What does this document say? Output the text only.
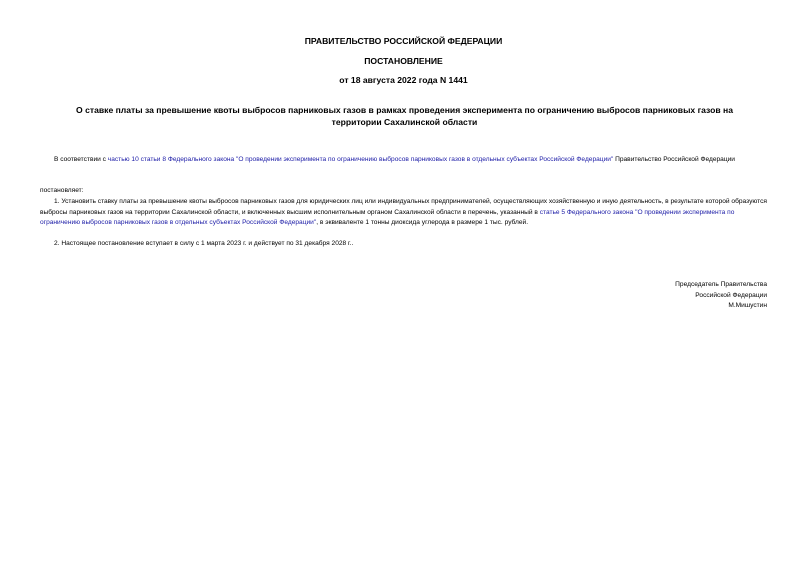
ПРАВИТЕЛЬСТВО РОССИЙСКОЙ ФЕДЕРАЦИИ
ПОСТАНОВЛЕНИЕ
от 18 августа 2022 года N 1441
О ставке платы за превышение квоты выбросов парниковых газов в рамках проведения эксперимента по ограничению выбросов парниковых газов на территории Сахалинской области
В соответствии с частью 10 статьи 8 Федерального закона "О проведении эксперимента по ограничению выбросов парниковых газов в отдельных субъектах Российской Федерации" Правительство Российской Федерации
постановляет:
1. Установить ставку платы за превышение квоты выбросов парниковых газов для юридических лиц или индивидуальных предпринимателей, осуществляющих хозяйственную и иную деятельность, в результате которой образуются выбросы парниковых газов на территории Сахалинской области, и включенных высшим исполнительным органом Сахалинской области в перечень, указанный в статье 5 Федерального закона "О проведении эксперимента по ограничению выбросов парниковых газов в отдельных субъектах Российской Федерации", в эквиваленте 1 тонны диоксида углерода в размере 1 тыс. рублей.
2. Настоящее постановление вступает в силу с 1 марта 2023 г. и действует по 31 декабря 2028 г..
Председатель Правительства
Российской Федерации
М.Мишустин
